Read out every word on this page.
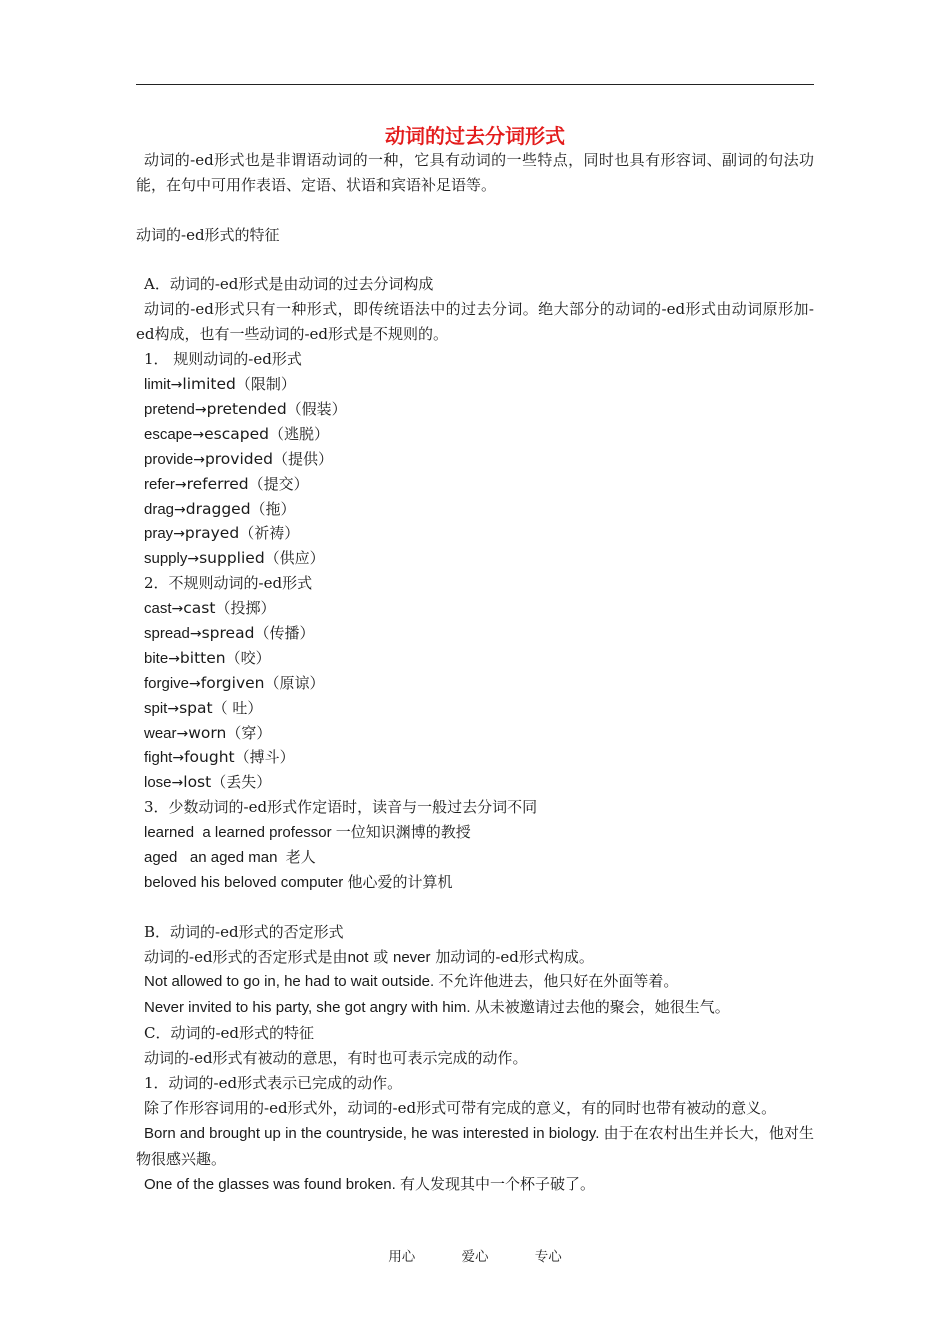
动词的过去分词形式
动词的-ed形式也是非谓语动词的一种，它具有动词的一些特点，同时也具有形容词、副词的句法功能，在句中可用作表语、定语、状语和宾语补足语等。
动词的-ed形式的特征
A．动词的-ed形式是由动词的过去分词构成
动词的-ed形式只有一种形式，即传统语法中的过去分词。绝大部分的动词的-ed形式由动词原形加-ed构成，也有一些动词的-ed形式是不规则的。
1． 规则动词的-ed形式
limit→limited（限制）
pretend→pretended（假装）
escape→escaped（逃脱）
provide→provided（提供）
refer→referred（提交）
drag→dragged（拖）
pray→prayed（祈祷）
supply→supplied（供应）
2．不规则动词的-ed形式
cast→cast（投掷）
spread→spread（传播）
bite→bitten（咬）
forgive→forgiven（原谅）
spit→spat（ 吐）
wear→worn（穿）
fight→fought（搏斗）
lose→lost（丢失）
3．少数动词的-ed形式作定语时，读音与一般过去分词不同
learned  a learned professor 一位知识渊博的教授
aged   an aged man  老人
beloved his beloved computer 他心爱的计算机
B．动词的-ed形式的否定形式
动词的-ed形式的否定形式是由not 或 never 加动词的-ed形式构成。
Not allowed to go in, he had to wait outside. 不允许他进去，他只好在外面等着。
Never invited to his party, she got angry with him. 从未被邀请过去他的聚会，她很生气。
C．动词的-ed形式的特征
动词的-ed形式有被动的意思，有时也可表示完成的动作。
1．动词的-ed形式表示已完成的动作。
除了作形容词用的-ed形式外，动词的-ed形式可带有完成的意义，有的同时也带有被动的意义。
Born and brought up in the countryside, he was interested in biology. 由于在农村出生并长大，他对生物很感兴趣。
One of the glasses was found broken. 有人发现其中一个杯子破了。
用心	爱心	专心
